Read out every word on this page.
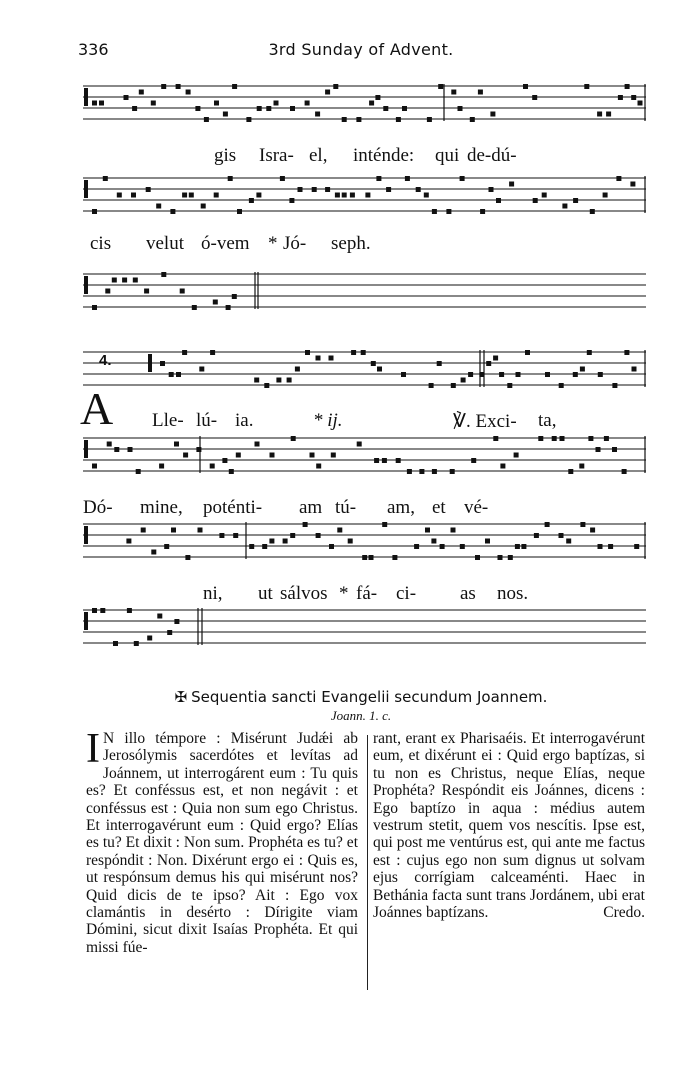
336	3rd Sunday of Advent.
gis Isra- el, inténde: qui de-dú-
cis velut ó-vem * Jó- seph.
4.
A Lle- lú- ia.	* ij.	℣. Exci- ta,
Dó- mine, poténti- am tú- am, et vé-
ni, ut sálvos * fá- ci- as nos.
✠ Sequentia sancti Evangelii secundum Joannem.
Joann. 1. c.

I N illo témpore : Misérunt Judǽi ab Jerosólymis sacerdótes et levítas ad Joánnem, ut interrogárent eum : Tu quis es? Et conféssus est, et non negávit : et conféssus est : Quia non sum ego Christus. Et interrogavérunt eum : Quid ergo? Elías es tu? Et dixit : Non sum. Prophéta es tu? et respóndit : Non. Dixérunt ergo ei : Quis es, ut respónsum demus his qui misérunt nos? Quid dicis de te ipso? Ait : Ego vox clamántis in desérto : Dírigite viam Dómini, sicut dixit Isaías Prophéta. Et qui missi fúe-

rant, erant ex Pharisaéis. Et interrogavérunt eum, et dixérunt ei : Quid ergo baptízas, si tu non es Christus, neque Elías, neque Prophéta? Respóndit eis Joánnes, dicens : Ego baptízo in aqua : médius autem vestrum stetit, quem vos nescítis. Ipse est, qui post me ventúrus est, qui ante me factus est : cujus ego non sum dignus ut solvam ejus corrígiam calceaménti. Haec in Bethánia facta sunt trans Jordánem, ubi erat Joánnes baptízans.	Credo.
